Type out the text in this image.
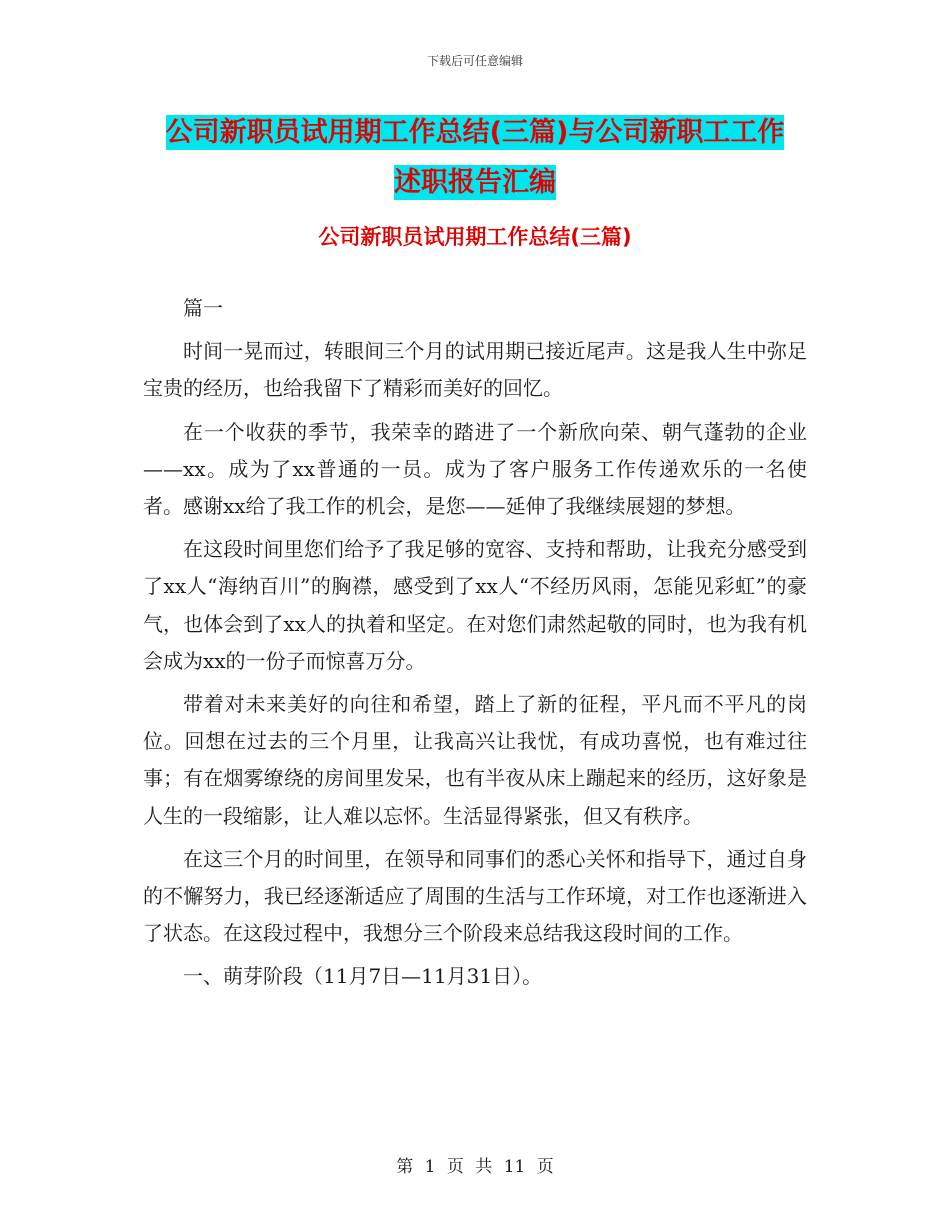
下载后可任意编辑
公司新职员试用期工作总结(三篇)与公司新职工工作
述职报告汇编
公司新职员试用期工作总结(三篇)

篇一

时间一晃而过，转眼间三个月的试用期已接近尾声。这是我人生中弥足宝贵的经历，也给我留下了精彩而美好的回忆。

在一个收获的季节，我荣幸的踏进了一个新欣向荣、朝气蓬勃的企业——xx。成为了xx普通的一员。成为了客户服务工作传递欢乐的一名使者。感谢xx给了我工作的机会，是您——延伸了我继续展翅的梦想。

在这段时间里您们给予了我足够的宽容、支持和帮助，让我充分感受到了xx人“海纳百川”的胸襟，感受到了xx人“不经历风雨，怎能见彩虹”的豪气，也体会到了xx人的执着和坚定。在对您们肃然起敬的同时，也为我有机会成为xx的一份子而惊喜万分。

带着对未来美好的向往和希望，踏上了新的征程，平凡而不平凡的岗位。回想在过去的三个月里，让我高兴让我忧，有成功喜悦，也有难过往事；有在烟雾缭绕的房间里发呆，也有半夜从床上蹦起来的经历，这好象是人生的一段缩影，让人难以忘怀。生活显得紧张，但又有秩序。

在这三个月的时间里，在领导和同事们的悉心关怀和指导下，通过自身的不懈努力，我已经逐渐适应了周围的生活与工作环境，对工作也逐渐进入了状态。在这段过程中，我想分三个阶段来总结我这段时间的工作。

一、萌芽阶段（11月7日—11月31日）。

第 1 页 共 11 页
